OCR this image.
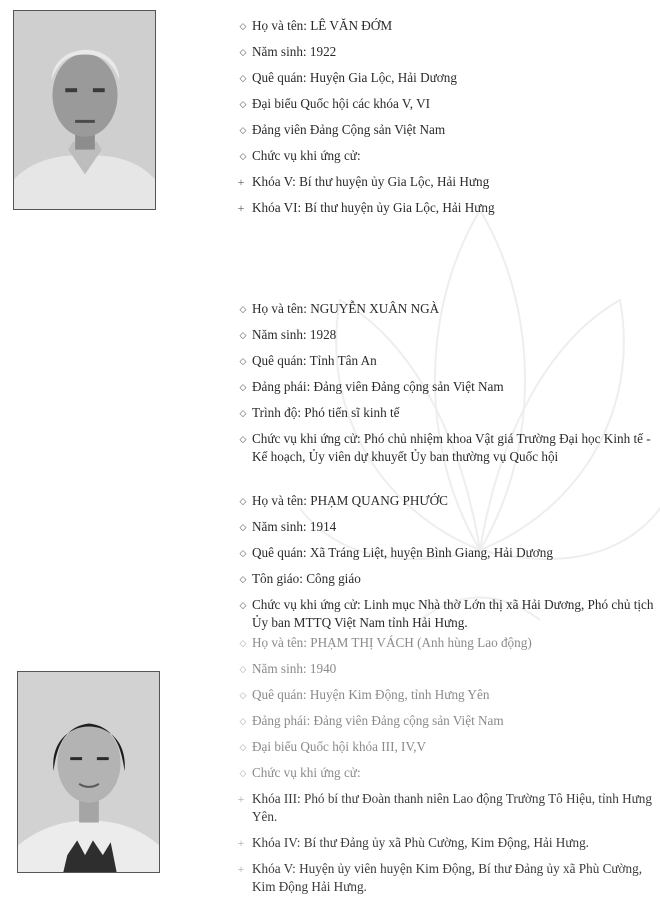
◇ Họ và tên: LÊ VĂN ĐỚM
◇ Năm sinh: 1922
◇ Quê quán: Huyện Gia Lộc, Hải Dương
◇ Đại biểu Quốc hội các khóa V, VI
◇ Đảng viên Đảng Cộng sản Việt Nam
◇ Chức vụ khi ứng cử:
+ Khóa V: Bí thư huyện ủy Gia Lộc, Hải Hưng
+ Khóa VI: Bí thư huyện ủy Gia Lộc, Hải Hưng
◇ Họ và tên: NGUYỄN XUÂN NGÀ
◇ Năm sinh: 1928
◇ Quê quán: Tỉnh Tân An
◇ Đảng phái: Đảng viên Đảng cộng sản Việt Nam
◇ Trình độ: Phó tiến sĩ kinh tế
◇ Chức vụ khi ứng cử: Phó chủ nhiệm khoa Vật giá Trường Đại học Kinh tế - Kế hoạch, Ủy viên dự khuyết Ủy ban thường vụ Quốc hội
◇ Họ và tên: PHẠM QUANG PHƯỚC
◇ Năm sinh: 1914
◇ Quê quán: Xã Tráng Liệt, huyện Bình Giang, Hải Dương
◇ Tôn giáo: Công giáo
◇ Chức vụ khi ứng cử: Linh mục Nhà thờ Lớn thị xã Hải Dương, Phó chủ tịch Ủy ban MTTQ Việt Nam tỉnh Hải Hưng.
◇ Họ và tên: PHẠM THỊ VÁCH (Anh hùng Lao động)
◇ Năm sinh: 1940
◇ Quê quán: Huyện Kim Động, tỉnh Hưng Yên
◇ Đảng phái: Đảng viên Đảng cộng sản Việt Nam
◇ Đại biểu Quốc hội khóa III, IV,V
◇ Chức vụ khi ứng cử:
+ Khóa III: Phó bí thư Đoàn thanh niên Lao động Trường Tô Hiệu, tỉnh Hưng Yên.
+ Khóa IV: Bí thư Đảng ủy xã Phù Cường, Kim Động, Hải Hưng.
+ Khóa V: Huyện ủy viên huyện Kim Động, Bí thư Đảng ủy xã Phù Cường, Kim Động Hải Hưng.
